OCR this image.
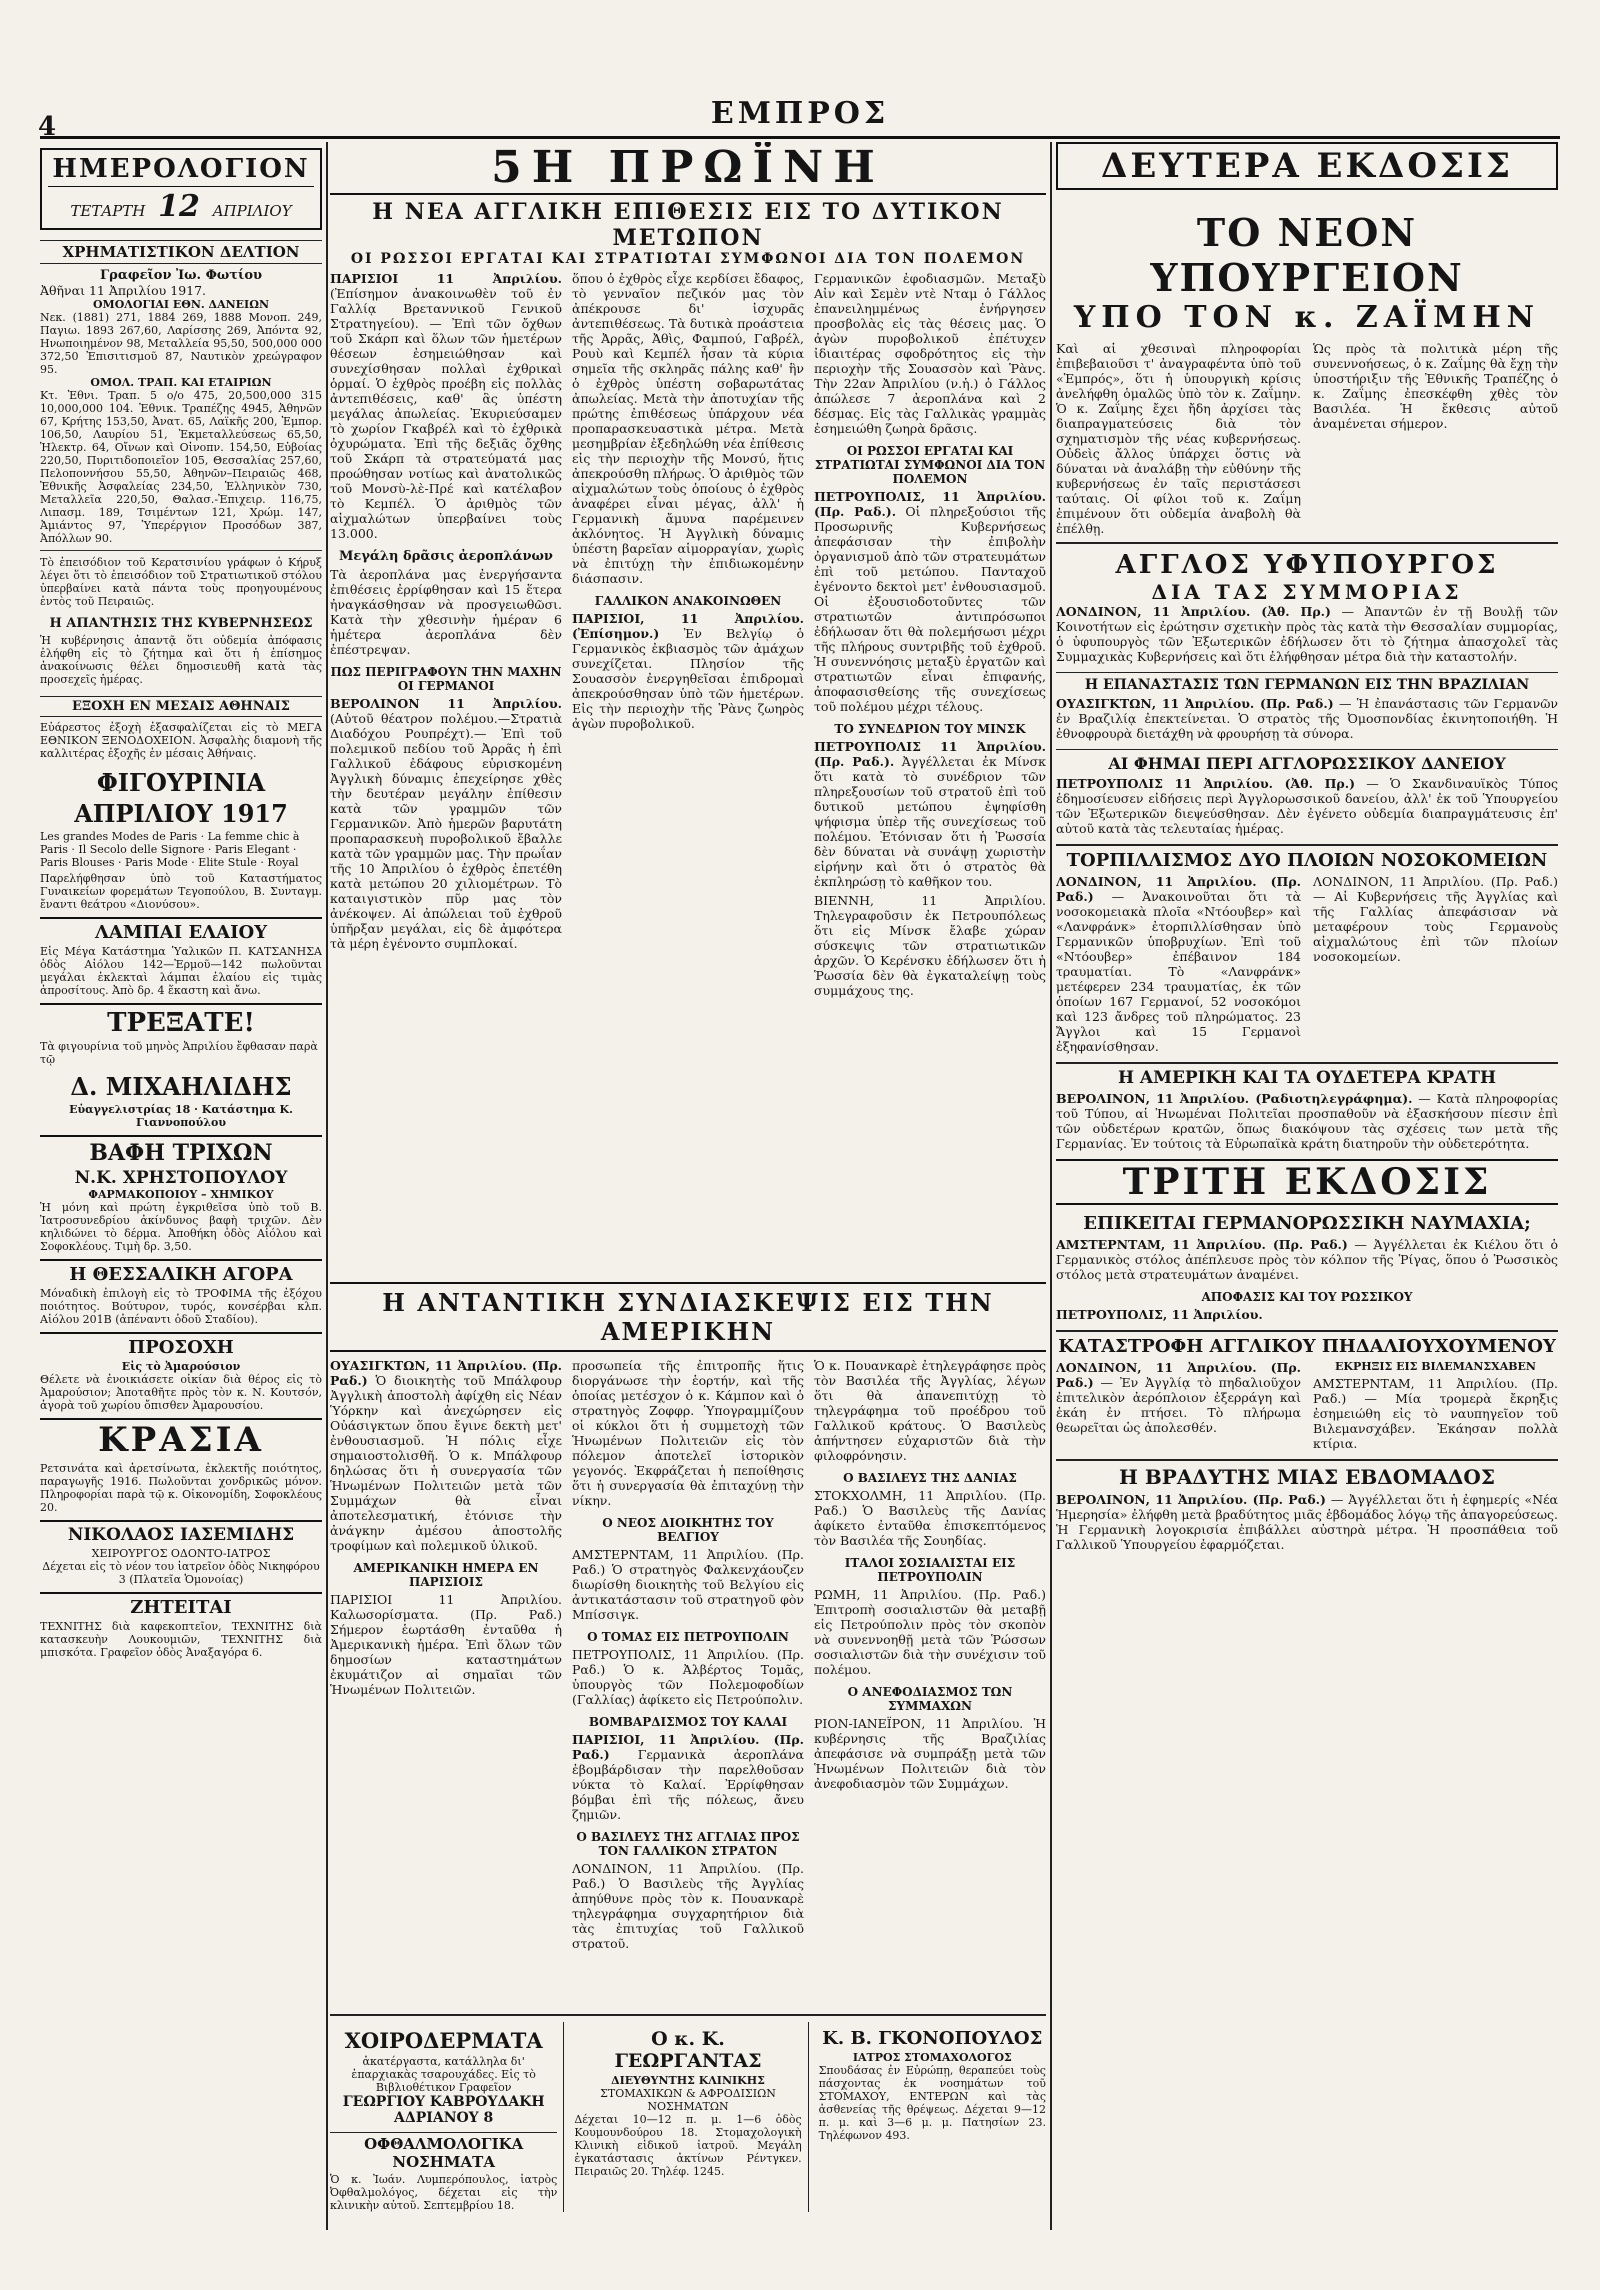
4	ΕΜΠΡΟΣ
ΗΜΕΡΟΛΟΓΙΟΝ
ΤΕΤΑΡΤΗ 12 ΑΠΡΙΛΙΟΥ
ΧΡΗΜΑΤΙΣΤΙΚΟΝ ΔΕΛΤΙΟΝ
Γραφεῖον Ἰω. Φωτίου
Ἀθῆναι 11 Ἀπριλίου 1917.
ΟΜΟΛΟΓΙΑΙ ΕΘΝ. ΔΑΝΕΙΩΝ
Νεκ. (1881) 271, 1884 269, 1888 Μονοπ. 249, Παγιω. 1893 267,60, Λαρίσσης 269, Ἀπόντα 92, Ηνωποιημένον 98, Μεταλλεία 95,50, 500,000 000 372,50 Ἐπισιτισμοῦ 87, Ναυτικὸν χρεώγραφον 95.
ΟΜΟΛ. ΤΡΑΠ. ΚΑΙ ΕΤΑΙΡΙΩΝ
Κτ. Ἐθνι. Τραπ. 5 ο/ο 475, 20,500,000 315 10,000,000 104. Ἐθνικ. Τραπέζης 4945, Ἀθηνῶν 67, Κρήτης 153,50, Ἀνατ. 65, Λαϊκῆς 200, Ἐμπορ. 106,50, Λαυρίου 51, Ἐκμεταλλεύσεως 65,50, Ἡλεκτρ. 64, Οἴνων καὶ Οἰνοπν. 154,50, Εὐβοίας 220,50, Πυριτιδοποιεῖον 105, Θεσσαλίας 257,60, Πελοποννήσου 55,50, Ἀθηνῶν–Πειραιῶς 468, Ἐθνικῆς Ἀσφαλείας 234,50, Ἑλληνικὸν 730, Μεταλλεῖα 220,50, Θαλασ.-Ἐπιχειρ. 116,75, Λιπασμ. 189, Τσιμέντων 121, Χρώμ. 147, Ἀμιάντος 97, Ὑπερέργιον Προσόδων 387, Ἀπόλλων 90.
Τὸ ἐπεισόδιον τοῦ Κερατσινίου γράφων ὁ Κήρυξ λέγει ὅτι τὸ ἐπεισόδιον τοῦ Στρατιωτικοῦ στόλου ὑπερβαίνει κατὰ πάντα τοὺς προηγουμένους ἐντὸς τοῦ Πειραιῶς.
Η ΑΠΑΝΤΗΣΙΣ ΤΗΣ ΚΥΒΕΡΝΗΣΕΩΣ
Ἡ κυβέρνησις ἀπαντᾷ ὅτι οὐδεμία ἀπόφασις ἐλήφθη εἰς τὸ ζήτημα καὶ ὅτι ἡ ἐπίσημος ἀνακοίνωσις θέλει δημοσιευθῆ κατὰ τὰς προσεχεῖς ἡμέρας.
ΕΞΟΧΗ ΕΝ ΜΕΣΑΙΣ ΑΘΗΝΑΙΣ
Εὐάρεστος ἐξοχὴ ἐξασφαλίζεται εἰς τὸ ΜΕΓΑ ΕΘΝΙΚΟΝ ΞΕΝΟΔΟΧΕΙΟΝ. Ἀσφαλὴς διαμονὴ τῆς καλλιτέρας ἐξοχῆς ἐν μέσαις Ἀθήναις.
ΦΙΓΟΥΡΙΝΙΑ
ΑΠΡΙΛΙΟΥ 1917
Les grandes Modes de Paris · La femme chic à Paris · Il Secolo delle Signore · Paris Elegant · Paris Blouses · Paris Mode · Elite Stule · Royal
Παρελήφθησαν ὑπὸ τοῦ Καταστήματος Γυναικείων φορεμάτων Τεγοπούλου, Β. Συνταγμ. ἔναντι θεάτρου «Διονύσου».
ΛΑΜΠΑΙ ΕΛΑΙΟΥ
Εἰς Μέγα Κατάστημα Ὑαλικῶν Π. ΚΑΤΣΑΝΗΣΑ ὁδὸς Αἰόλου 142—Ἐρμοῦ—142 πωλοῦνται μεγάλαι ἐκλεκταὶ λάμπαι ἐλαίου εἰς τιμὰς ἀπροσίτους. Ἀπὸ δρ. 4 ἕκαστη καὶ ἄνω.
ΤΡΕΞΑΤΕ!
Τὰ φιγουρίνια τοῦ μηνὸς Ἀπριλίου ἔφθασαν παρὰ τῷ
Δ. ΜΙΧΑΗΛΙΔΗΣ
Εὐαγγελιστρίας 18 · Κατάστημα Κ. Γιαννοπούλου
ΒΑΦΗ ΤΡΙΧΩΝ
Ν.Κ. ΧΡΗΣΤΟΠΟΥΛΟΥ
ΦΑΡΜΑΚΟΠΟΙΟΥ – ΧΗΜΙΚΟΥ
Ἡ μόνη καὶ πρώτη ἐγκριθεῖσα ὑπὸ τοῦ Β. Ἰατροσυνεδρίου ἀκίνδυνος βαφὴ τριχῶν. Δὲν κηλιδώνει τὸ δέρμα. Ἀποθήκη ὁδὸς Αἰόλου καὶ Σοφοκλέους. Τιμὴ δρ. 3,50.
Η ΘΕΣΣΑΛΙΚΗ ΑΓΟΡΑ
Μόναδικὴ ἐπιλογὴ εἰς τὸ ΤΡΟΦΙΜΑ τῆς ἐξόχου ποιότητος. Βούτυρον, τυρός, κονσέρβαι κλπ. Αἰόλου 201Β (ἀπέναντι ὁδοῦ Σταδίου).
ΠΡΟΣΟΧΗ
Εἰς τὸ Ἀμαρούσιον
Θέλετε νὰ ἐνοικιάσετε οἰκίαν διὰ θέρος εἰς τὸ Ἀμαρούσιον; Ἀποταθῆτε πρὸς τὸν κ. Ν. Κουτσόν, ἀγορὰ τοῦ χωρίου ὄπισθεν Ἀμαρουσίου.
ΚΡΑΣΙΑ
Ρετσινάτα καὶ ἀρετσίνωτα, ἐκλεκτῆς ποιότητος, παραγωγῆς 1916. Πωλοῦνται χονδρικῶς μόνον. Πληροφορίαι παρὰ τῷ κ. Οἰκονομίδη, Σοφοκλέους 20.
ΝΙΚΟΛΑΟΣ ΙΑΣΕΜΙΔΗΣ
ΧΕΙΡΟΥΡΓΟΣ ΟΔΟΝΤΟ-ΙΑΤΡΟΣ
Δέχεται εἰς τὸ νέον του ἰατρεῖον ὁδὸς Νικηφόρου 3 (Πλατεῖα Ὁμονοίας)
ΖΗΤΕΙΤΑΙ
ΤΕΧΝΙΤΗΣ διὰ καφεκοπτεῖον, ΤΕΧΝΙΤΗΣ διὰ κατασκευὴν Λουκουμιῶν, ΤΕΧΝΙΤΗΣ διὰ μπισκότα. Γραφεῖον ὁδὸς Ἀναξαγόρα 6.
5Η ΠΡΩΪΝΗ
Η ΝΕΑ ΑΓΓΛΙΚΗ ΕΠΙΘΕΣΙΣ ΕΙΣ ΤΟ ΔΥΤΙΚΟΝ ΜΕΤΩΠΟΝ
ΟΙ ΡΩΣΣΟΙ ΕΡΓΑΤΑΙ ΚΑΙ ΣΤΡΑΤΙΩΤΑΙ ΣΥΜΦΩΝΟΙ ΔΙΑ ΤΟΝ ΠΟΛΕΜΟΝ
ΠΑΡΙΣΙΟΙ 11 Ἀπριλίου. (Ἐπίσημον ἀνακοινωθὲν τοῦ ἐν Γαλλίᾳ Βρεταννικοῦ Γενικοῦ Στρατηγείου). — Ἐπὶ τῶν ὄχθων τοῦ Σκάρπ καὶ ὅλων τῶν ἡμετέρων θέσεων ἐσημειώθησαν καὶ συνεχίσθησαν πολλαὶ ἐχθρικαὶ ὁρμαί. Ὁ ἐχθρὸς προέβη εἰς πολλὰς ἀντεπιθέσεις, καθ' ἃς ὑπέστη μεγάλας ἀπωλείας. Ἐκυριεύσαμεν τὸ χωρίον Γκαβρέλ καὶ τὸ ἐχθρικὰ ὀχυρώματα. Ἐπὶ τῆς δεξιᾶς ὄχθης τοῦ Σκάρπ τὰ στρατεύματά μας προώθησαν νοτίως καὶ ἀνατολικῶς τοῦ Μονσὺ-λὲ-Πρέ καὶ κατέλαβον τὸ Κεμπέλ. Ὁ ἀριθμὸς τῶν αἰχμαλώτων ὑπερβαίνει τοὺς 13.000.
Μεγάλη δρᾶσις ἀεροπλάνων
Τὰ ἀεροπλάνα μας ἐνεργήσαντα ἐπιθέσεις ἐρρίφθησαν καὶ 15 ἕτερα ἠναγκάσθησαν νὰ προσγειωθῶσι. Κατὰ τὴν χθεσινὴν ἡμέραν 6 ἡμέτερα ἀεροπλάνα δὲν ἐπέστρεψαν.
ΠΩΣ ΠΕΡΙΓΡΑΦΟΥΝ ΤΗΝ ΜΑΧΗΝ ΟΙ ΓΕΡΜΑΝΟΙ
ΒΕΡΟΛΙΝΟΝ 11 Ἀπριλίου. (Αὐτοῦ θέατρον πολέμου.—Στρατιὰ Διαδόχου Ρουπρέχτ).— Ἐπὶ τοῦ πολεμικοῦ πεδίου τοῦ Ἀρρᾶς ἡ ἐπὶ Γαλλικοῦ ἐδάφους εὑρισκομένη Ἀγγλικὴ δύναμις ἐπεχείρησε χθὲς τὴν δευτέραν μεγάλην ἐπίθεσιν κατὰ τῶν γραμμῶν τῶν Γερμανικῶν. Ἀπὸ ἡμερῶν βαρυτάτη προπαρασκευὴ πυροβολικοῦ ἔβαλλε κατὰ τῶν γραμμῶν μας. Τὴν πρωΐαν τῆς 10 Ἀπριλίου ὁ ἐχθρὸς ἐπετέθη κατὰ μετώπου 20 χιλιομέτρων. Τὸ καταιγιστικὸν πῦρ μας τὸν ἀνέκοψεν. Αἱ ἀπώλειαι τοῦ ἐχθροῦ ὑπῆρξαν μεγάλαι, εἰς δὲ ἀμφότερα τὰ μέρη ἐγένοντο συμπλοκαί.
ὅπου ὁ ἐχθρὸς εἶχε κερδίσει ἔδαφος, τὸ γενναῖον πεζικόν μας τὸν ἀπέκρουσε δι' ἰσχυρᾶς ἀντεπιθέσεως. Τὰ δυτικὰ προάστεια τῆς Ἀρρᾶς, Ἀθὶς, Φαμπού, Γαβρέλ, Ρουὺ καὶ Κεμπέλ ἦσαν τὰ κύρια σημεῖα τῆς σκληρᾶς πάλης καθ' ἣν ὁ ἐχθρὸς ὑπέστη σοβαρωτάτας ἀπωλείας. Μετὰ τὴν ἀποτυχίαν τῆς πρώτης ἐπιθέσεως ὑπάρχουν νέα προπαρασκευαστικὰ μέτρα. Μετὰ μεσημβρίαν ἐξεδηλώθη νέα ἐπίθεσις εἰς τὴν περιοχὴν τῆς Μονσύ, ἥτις ἀπεκρούσθη πλήρως. Ὁ ἀριθμὸς τῶν αἰχμαλώτων τοὺς ὁποίους ὁ ἐχθρὸς ἀναφέρει εἶναι μέγας, ἀλλ' ἡ Γερμανικὴ ἄμυνα παρέμεινεν ἀκλόνητος. Ἡ Ἀγγλικὴ δύναμις ὑπέστη βαρεῖαν αἱμορραγίαν, χωρὶς νὰ ἐπιτύχῃ τὴν ἐπιδιωκομένην διάσπασιν.
ΓΑΛΛΙΚΟΝ ΑΝΑΚΟΙΝΩΘΕΝ
ΠΑΡΙΣΙΟΙ, 11 Ἀπριλίου. (Ἐπίσημον.) Ἐν Βελγίῳ ὁ Γερμανικὸς ἐκβιασμὸς τῶν ἀμάχων συνεχίζεται. Πλησίον τῆς Σουασσὸν ἐνεργηθεῖσαι ἐπιδρομαὶ ἀπεκρούσθησαν ὑπὸ τῶν ἡμετέρων. Εἰς τὴν περιοχὴν τῆς Ῥὰνς ζωηρὸς ἀγὼν πυροβολικοῦ.
Γερμανικῶν ἐφοδιασμῶν. Μεταξὺ Αἰν καὶ Σεμὲν ντὲ Νταμ ὁ Γάλλος ἐπανειλημμένως ἐνήργησεν προσβολὰς εἰς τὰς θέσεις μας. Ὁ ἀγὼν πυροβολικοῦ ἐπέτυχεν ἰδιαιτέρας σφοδρότητος εἰς τὴν περιοχὴν τῆς Σουασσὸν καὶ Ῥὰνς. Τὴν 22αν Ἀπριλίου (ν.ἡ.) ὁ Γάλλος ἀπώλεσε 7 ἀεροπλάνα καὶ 2 δέσμας. Εἰς τὰς Γαλλικὰς γραμμὰς ἐσημειώθη ζωηρὰ δρᾶσις.
ΟΙ ΡΩΣΣΟΙ ΕΡΓΑΤΑΙ ΚΑΙ ΣΤΡΑΤΙΩΤΑΙ ΣΥΜΦΩΝΟΙ ΔΙΑ ΤΟΝ ΠΟΛΕΜΟΝ
ΠΕΤΡΟΥΠΟΛΙΣ, 11 Ἀπριλίου. (Πρ. Ραδ.). Οἱ πληρεξούσιοι τῆς Προσωρινῆς Κυβερνήσεως ἀπεφάσισαν τὴν ἐπιβολὴν ὀργανισμοῦ ἀπὸ τῶν στρατευμάτων ἐπὶ τοῦ μετώπου. Πανταχοῦ ἐγένοντο δεκτοὶ μετ' ἐνθουσιασμοῦ. Οἱ ἐξουσιοδοτοῦντες τῶν στρατιωτῶν ἀντιπρόσωποι ἐδήλωσαν ὅτι θὰ πολεμήσωσι μέχρι τῆς πλήρους συντριβῆς τοῦ ἐχθροῦ. Ἡ συνεννόησις μεταξὺ ἐργατῶν καὶ στρατιωτῶν εἶναι ἐπιφανής, ἀποφασισθείσης τῆς συνεχίσεως τοῦ πολέμου μέχρι τέλους.
ΤΟ ΣΥΝΕΔΡΙΟΝ ΤΟΥ ΜΙΝΣΚ
ΠΕΤΡΟΥΠΟΛΙΣ 11 Ἀπριλίου. (Πρ. Ραδ.). Ἀγγέλλεται ἐκ Μίνσκ ὅτι κατὰ τὸ συνέδριον τῶν πληρεξουσίων τοῦ στρατοῦ ἐπὶ τοῦ δυτικοῦ μετώπου ἐψηφίσθη ψήφισμα ὑπὲρ τῆς συνεχίσεως τοῦ πολέμου. Ἐτόνισαν ὅτι ἡ Ῥωσσία δὲν δύναται νὰ συνάψῃ χωριστὴν εἰρήνην καὶ ὅτι ὁ στρατὸς θὰ ἐκπληρώσῃ τὸ καθῆκον του.
ΒΙΕΝΝΗ, 11 Ἀπριλίου. Τηλεγραφοῦσιν ἐκ Πετρουπόλεως ὅτι εἰς Μίνσκ ἔλαβε χώραν σύσκεψις τῶν στρατιωτικῶν ἀρχῶν. Ὁ Κερένσκυ ἐδήλωσεν ὅτι ἡ Ῥωσσία δὲν θὰ ἐγκαταλείψῃ τοὺς συμμάχους της.
Η ΑΝΤΑΝΤΙΚΗ ΣΥΝΔΙΑΣΚΕΨΙΣ ΕΙΣ ΤΗΝ ΑΜΕΡΙΚΗΝ
ΟΥΑΣΙΓΚΤΩΝ, 11 Ἀπριλίου. (Πρ. Ραδ.) Ὁ διοικητὴς τοῦ Μπάλφουρ Ἀγγλικὴ ἀποστολὴ ἀφίχθη εἰς Νέαν Ὑόρκην καὶ ἀνεχώρησεν εἰς Οὐάσιγκτων ὅπου ἔγινε δεκτὴ μετ' ἐνθουσιασμοῦ. Ἡ πόλις εἶχε σημαιοστολισθῆ. Ὁ κ. Μπάλφουρ δηλώσας ὅτι ἡ συνεργασία τῶν Ἡνωμένων Πολιτειῶν μετὰ τῶν Συμμάχων θὰ εἶναι ἀποτελεσματική, ἐτόνισε τὴν ἀνάγκην ἀμέσου ἀποστολῆς τροφίμων καὶ πολεμικοῦ ὑλικοῦ.
ΑΜΕΡΙΚΑΝΙΚΗ ΗΜΕΡΑ ΕΝ ΠΑΡΙΣΙΟΙΣ
ΠΑΡΙΣΙΟΙ 11 Ἀπριλίου. Καλωσορίσματα. (Πρ. Ραδ.) Σήμερον ἑωρτάσθη ἐνταῦθα ἡ Ἀμερικανικὴ ἡμέρα. Ἐπὶ ὅλων τῶν δημοσίων καταστημάτων ἐκυμάτιζον αἱ σημαῖαι τῶν Ἡνωμένων Πολιτειῶν.
προσωπεία τῆς ἐπιτροπῆς ἥτις διοργάνωσε τὴν ἑορτήν, καὶ τῆς ὁποίας μετέσχον ὁ κ. Κάμπον καὶ ὁ στρατηγὸς Ζοφφρ. Ὑπογραμμίζουν οἱ κύκλοι ὅτι ἡ συμμετοχὴ τῶν Ἡνωμένων Πολιτειῶν εἰς τὸν πόλεμον ἀποτελεῖ ἱστορικὸν γεγονός. Ἐκφράζεται ἡ πεποίθησις ὅτι ἡ συνεργασία θὰ ἐπιταχύνῃ τὴν νίκην.
Ο ΝΕΟΣ ΔΙΟΙΚΗΤΗΣ ΤΟΥ ΒΕΛΓΙΟΥ
ΑΜΣΤΕΡΝΤΑΜ, 11 Ἀπριλίου. (Πρ. Ραδ.) Ὁ στρατηγὸς Φαλκενχάουζεν διωρίσθη διοικητὴς τοῦ Βελγίου εἰς ἀντικατάστασιν τοῦ στρατηγοῦ φὸν Μπίσσιγκ.
Ο ΤΟΜΑΣ ΕΙΣ ΠΕΤΡΟΥΠΟΛΙΝ
ΠΕΤΡΟΥΠΟΛΙΣ, 11 Ἀπριλίου. (Πρ. Ραδ.) Ὁ κ. Ἀλβέρτος Τομᾶς, ὑπουργὸς τῶν Πολεμοφοδίων (Γαλλίας) ἀφίκετο εἰς Πετρούπολιν.
ΒΟΜΒΑΡΔΙΣΜΟΣ ΤΟΥ ΚΑΛΑΙ
ΠΑΡΙΣΙΟΙ, 11 Ἀπριλίου. (Πρ. Ραδ.) Γερμανικὰ ἀεροπλάνα ἐβομβάρδισαν τὴν παρελθοῦσαν νύκτα τὸ Καλαί. Ἐρρίφθησαν βόμβαι ἐπὶ τῆς πόλεως, ἄνευ ζημιῶν.
Ο ΒΑΣΙΛΕΥΣ ΤΗΣ ΑΓΓΛΙΑΣ ΠΡΟΣ ΤΟΝ ΓΑΛΛΙΚΟΝ ΣΤΡΑΤΟΝ
ΛΟΝΔΙΝΟΝ, 11 Ἀπριλίου. (Πρ. Ραδ.) Ὁ Βασιλεὺς τῆς Ἀγγλίας ἀπηύθυνε πρὸς τὸν κ. Πουανκαρὲ τηλεγράφημα συγχαρητήριον διὰ τὰς ἐπιτυχίας τοῦ Γαλλικοῦ στρατοῦ.
Ὁ κ. Πουανκαρὲ ἐτηλεγράφησε πρὸς τὸν Βασιλέα τῆς Ἀγγλίας, λέγων ὅτι θὰ ἀπανεπιτύχῃ τὸ τηλεγράφημα τοῦ προέδρου τοῦ Γαλλικοῦ κράτους. Ὁ Βασιλεὺς ἀπήντησεν εὐχαριστῶν διὰ τὴν φιλοφρόνησιν.
Ο ΒΑΣΙΛΕΥΣ ΤΗΣ ΔΑΝΙΑΣ
ΣΤΟΚΧΟΛΜΗ, 11 Ἀπριλίου. (Πρ. Ραδ.) Ὁ Βασιλεὺς τῆς Δανίας ἀφίκετο ἐνταῦθα ἐπισκεπτόμενος τὸν Βασιλέα τῆς Σουηδίας.
ΙΤΑΛΟΙ ΣΟΣΙΑΛΙΣΤΑΙ ΕΙΣ ΠΕΤΡΟΥΠΟΛΙΝ
ΡΩΜΗ, 11 Ἀπριλίου. (Πρ. Ραδ.) Ἐπιτροπὴ σοσιαλιστῶν θὰ μεταβῇ εἰς Πετρούπολιν πρὸς τὸν σκοπὸν νὰ συνεννοηθῇ μετὰ τῶν Ῥώσσων σοσιαλιστῶν διὰ τὴν συνέχισιν τοῦ πολέμου.
Ο ΑΝΕΦΟΔΙΑΣΜΟΣ ΤΩΝ ΣΥΜΜΑΧΩΝ
ΡΙΟΝ-ΙΑΝΕΪΡΟΝ, 11 Ἀπριλίου. Ἡ κυβέρνησις τῆς Βραζιλίας ἀπεφάσισε νὰ συμπράξῃ μετὰ τῶν Ἡνωμένων Πολιτειῶν διὰ τὸν ἀνεφοδιασμὸν τῶν Συμμάχων.
ΧΟΙΡΟΔΕΡΜΑΤΑ
ἀκατέργαστα, κατάλληλα δι' ἐπαρχιακὰς τσαρουχάδες. Εἰς τὸ Βιβλιοθέτικον Γραφεῖον
ΓΕΩΡΓΙΟΥ ΚΑΒΡΟΥΔΑΚΗ
ΑΔΡΙΑΝΟΥ 8
ΟΦΘΑΛΜΟΛΟΓΙΚΑ ΝΟΣΗΜΑΤΑ
Ὁ κ. Ἰωάν. Λυμπερόπουλος, ἰατρὸς Ὀφθαλμολόγος, δέχεται εἰς τὴν κλινικὴν αὐτοῦ. Σεπτεμβρίου 18.
Ο κ. Κ. ΓΕΩΡΓΑΝΤΑΣ
ΔΙΕΥΘΥΝΤΗΣ ΚΛΙΝΙΚΗΣ
ΣΤΟΜΑΧΙΚΩΝ & ΑΦΡΟΔΙΣΙΩΝ ΝΟΣΗΜΑΤΩΝ
Δέχεται 10—12 π. μ. 1—6 ὁδὸς Κουμουνδούρου 18. Στομαχολογικὴ Κλινικὴ εἰδικοῦ ἰατροῦ. Μεγάλη ἐγκατάστασις ἀκτίνων Ρέντγκεν. Πειραιῶς 20. Τηλέφ. 1245.
Κ. Β. ΓΚΟΝΟΠΟΥΛΟΣ
ΙΑΤΡΟΣ ΣΤΟΜΑΧΟΛΟΓΟΣ
Σπουδάσας ἐν Εὐρώπῃ, θεραπεύει τοὺς πάσχοντας ἐκ νοσημάτων τοῦ ΣΤΟΜΑΧΟΥ, ΕΝΤΕΡΩΝ καὶ τὰς ἀσθενείας τῆς θρέψεως. Δέχεται 9—12 π. μ. καὶ 3—6 μ. μ. Πατησίων 23. Τηλέφωνον 493.
ΔΕΥΤΕΡΑ ΕΚΔΟΣΙΣ
ΤΟ ΝΕΟΝ ΥΠΟΥΡΓΕΙΟΝ
ΥΠΟ ΤΟΝ κ. ΖΑΪΜΗΝ
Καὶ αἱ χθεσιναὶ πληροφορίαι ἐπιβεβαιοῦσι τ' ἀναγραφέντα ὑπὸ τοῦ «Ἐμπρός», ὅτι ἡ ὑπουργικὴ κρίσις ἀνελήφθη ὁμαλῶς ὑπὸ τὸν κ. Ζαΐμην. Ὁ κ. Ζαΐμης ἔχει ἤδη ἀρχίσει τὰς διαπραγματεύσεις διὰ τὸν σχηματισμὸν τῆς νέας κυβερνήσεως. Οὐδεὶς ἄλλος ὑπάρχει ὅστις νὰ δύναται νὰ ἀναλάβῃ τὴν εὐθύνην τῆς κυβερνήσεως ἐν ταῖς περιστάσεσι ταύταις. Οἱ φίλοι τοῦ κ. Ζαΐμη ἐπιμένουν ὅτι οὐδεμία ἀναβολὴ θὰ ἐπέλθῃ.
Ὡς πρὸς τὰ πολιτικὰ μέρη τῆς συνεννοήσεως, ὁ κ. Ζαΐμης θὰ ἔχῃ τὴν ὑποστήριξιν τῆς Ἐθνικῆς Τραπέζης ὁ κ. Ζαΐμης ἐπεσκέφθη χθὲς τὸν Βασιλέα. Ἡ ἔκθεσις αὐτοῦ ἀναμένεται σήμερον.
ΑΓΓΛΟΣ ΥΦΥΠΟΥΡΓΟΣ
ΔΙΑ ΤΑΣ ΣΥΜΜΟΡΙΑΣ
ΛΟΝΔΙΝΟΝ, 11 Ἀπριλίου. (Ἀθ. Πρ.) — Ἀπαντῶν ἐν τῇ Βουλῇ τῶν Κοινοτήτων εἰς ἐρώτησιν σχετικὴν πρὸς τὰς κατὰ τὴν Θεσσαλίαν συμμορίας, ὁ ὑφυπουργὸς τῶν Ἐξωτερικῶν ἐδήλωσεν ὅτι τὸ ζήτημα ἀπασχολεῖ τὰς Συμμαχικὰς Κυβερνήσεις καὶ ὅτι ἐλήφθησαν μέτρα διὰ τὴν καταστολήν.
Η ΕΠΑΝΑΣΤΑΣΙΣ ΤΩΝ ΓΕΡΜΑΝΩΝ ΕΙΣ ΤΗΝ ΒΡΑΖΙΛΙΑΝ
ΟΥΑΣΙΓΚΤΩΝ, 11 Ἀπριλίου. (Πρ. Ραδ.) — Ἡ ἐπανάστασις τῶν Γερμανῶν ἐν Βραζιλίᾳ ἐπεκτείνεται. Ὁ στρατὸς τῆς Ὀμοσπονδίας ἐκινητοποιήθη. Ἡ ἐθνοφρουρὰ διετάχθη νὰ φρουρήσῃ τὰ σύνορα.
ΑΙ ΦΗΜΑΙ ΠΕΡΙ ΑΓΓΛΟΡΩΣΣΙΚΟΥ ΔΑΝΕΙΟΥ
ΠΕΤΡΟΥΠΟΛΙΣ 11 Ἀπριλίου. (Ἀθ. Πρ.) — Ὁ Σκανδιναυϊκὸς Τύπος ἐδημοσίευσεν εἰδήσεις περὶ Ἀγγλορωσσικοῦ δανείου, ἀλλ' ἐκ τοῦ Ὑπουργείου τῶν Ἐξωτερικῶν διεψεύσθησαν. Δὲν ἐγένετο οὐδεμία διαπραγμάτευσις ἐπ' αὐτοῦ κατὰ τὰς τελευταίας ἡμέρας.
ΤΟΡΠΙΛΛΙΣΜΟΣ ΔΥΟ ΠΛΟΙΩΝ ΝΟΣΟΚΟΜΕΙΩΝ
ΛΟΝΔΙΝΟΝ, 11 Ἀπριλίου. (Πρ. Ραδ.) — Ἀνακοινοῦται ὅτι τὰ νοσοκομειακὰ πλοῖα «Ντόουβερ» καὶ «Λανφράνκ» ἐτορπιλλίσθησαν ὑπὸ Γερμανικῶν ὑποβρυχίων. Ἐπὶ τοῦ «Ντόουβερ» ἐπέβαινον 184 τραυματίαι. Τὸ «Λανφράνκ» μετέφερεν 234 τραυματίας, ἐκ τῶν ὁποίων 167 Γερμανοί, 52 νοσοκόμοι καὶ 123 ἄνδρες τοῦ πληρώματος. 23 Ἄγγλοι καὶ 15 Γερμανοὶ ἐξηφανίσθησαν.
ΛΟΝΔΙΝΟΝ, 11 Ἀπριλίου. (Πρ. Ραδ.) — Αἱ Κυβερνήσεις τῆς Ἀγγλίας καὶ τῆς Γαλλίας ἀπεφάσισαν νὰ μεταφέρουν τοὺς Γερμανοὺς αἰχμαλώτους ἐπὶ τῶν πλοίων νοσοκομείων.
Η ΑΜΕΡΙΚΗ ΚΑΙ ΤΑ ΟΥΔΕΤΕΡΑ ΚΡΑΤΗ
ΒΕΡΟΛΙΝΟΝ, 11 Ἀπριλίου. (Ραδιοτηλεγράφημα). — Κατὰ πληροφορίας τοῦ Τύπου, αἱ Ἡνωμέναι Πολιτεῖαι προσπαθοῦν νὰ ἐξασκήσουν πίεσιν ἐπὶ τῶν οὐδετέρων κρατῶν, ὅπως διακόψουν τὰς σχέσεις των μετὰ τῆς Γερμανίας. Ἐν τούτοις τὰ Εὐρωπαϊκὰ κράτη διατηροῦν τὴν οὐδετερότητα.
ΤΡΙΤΗ ΕΚΔΟΣΙΣ
ΕΠΙΚΕΙΤΑΙ ΓΕΡΜΑΝΟΡΩΣΣΙΚΗ ΝΑΥΜΑΧΙΑ;
ΑΜΣΤΕΡΝΤΑΜ, 11 Ἀπριλίου. (Πρ. Ραδ.) — Ἀγγέλλεται ἐκ Κιέλου ὅτι ὁ Γερμανικὸς στόλος ἀπέπλευσε πρὸς τὸν κόλπον τῆς Ῥίγας, ὅπου ὁ Ῥωσσικὸς στόλος μετὰ στρατευμάτων ἀναμένει.
ΑΠΟΦΑΣΙΣ ΚΑΙ ΤΟΥ ΡΩΣΣΙΚΟΥ
ΠΕΤΡΟΥΠΟΛΙΣ, 11 Ἀπριλίου.
ΚΑΤΑΣΤΡΟΦΗ ΑΓΓΛΙΚΟΥ ΠΗΔΑΛΙΟΥΧΟΥΜΕΝΟΥ
ΛΟΝΔΙΝΟΝ, 11 Ἀπριλίου. (Πρ. Ραδ.) — Ἐν Ἀγγλίᾳ τὸ πηδαλιοῦχον ἐπιτελικὸν ἀερόπλοιον ἐξερράγη καὶ ἐκάη ἐν πτήσει. Τὸ πλήρωμα θεωρεῖται ὡς ἀπολεσθέν.
ΕΚΡΗΞΙΣ ΕΙΣ ΒΙΛΕΜΑΝΣΧΑΒΕΝ
ΑΜΣΤΕΡΝΤΑΜ, 11 Ἀπριλίου. (Πρ. Ραδ.) — Μία τρομερὰ ἔκρηξις ἐσημειώθη εἰς τὸ ναυπηγεῖον τοῦ Βιλεμανσχάβεν. Ἐκάησαν πολλὰ κτίρια.
Η ΒΡΑΔΥΤΗΣ ΜΙΑΣ ΕΒΔΟΜΑΔΟΣ
ΒΕΡΟΛΙΝΟΝ, 11 Ἀπριλίου. (Πρ. Ραδ.) — Ἀγγέλλεται ὅτι ἡ ἐφημερίς «Νέα Ἡμερησία» ἐλήφθη μετὰ βραδύτητος μιᾶς ἑβδομάδος λόγῳ τῆς ἀπαγορεύσεως. Ἡ Γερμανικὴ λογοκρισία ἐπιβάλλει αὐστηρὰ μέτρα. Ἡ προσπάθεια τοῦ Γαλλικοῦ Ὑπουργείου ἐφαρμόζεται.
